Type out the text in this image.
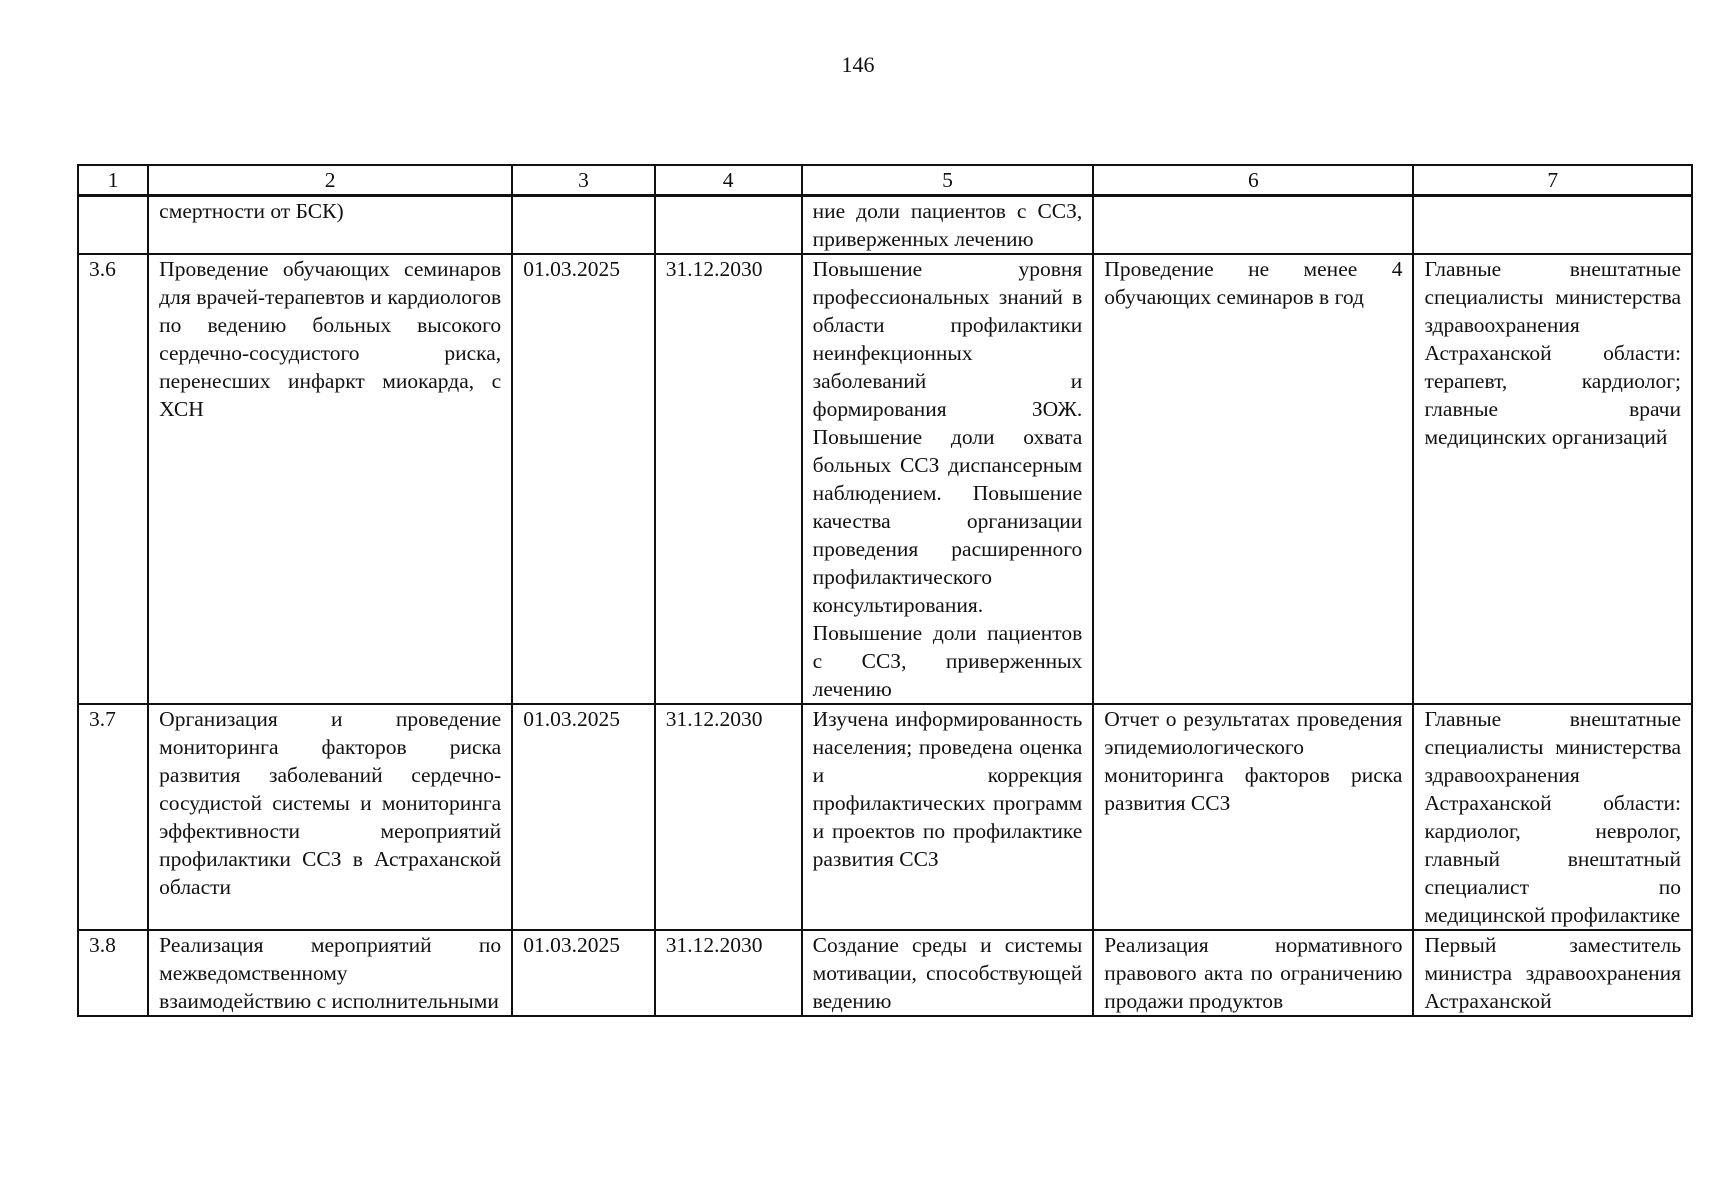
146
1	2	3	4	5	6	7
	смертности от БСК)			ние доли пациентов с ССЗ, приверженных лечению		
3.6	Проведение обучающих семинаров для врачей-терапевтов и кардиологов по ведению больных высокого сердечно-сосудистого риска, перенесших инфаркт миокарда, с ХСН	01.03.2025	31.12.2030	Повышение уровня профессиональных знаний в области профилактики неинфекционных заболеваний и формирования ЗОЖ. Повышение доли охвата больных ССЗ диспансерным наблюдением. Повышение качества организации проведения расширенного профилактического консультирования. Повышение доли пациентов с ССЗ, приверженных лечению	Проведение не менее 4 обучающих семинаров в год	Главные внештатные специалисты министерства здравоохранения Астраханской области: терапевт, кардиолог; главные врачи медицинских организаций
3.7	Организация и проведение мониторинга факторов риска развития заболеваний сердечно-сосудистой системы и мониторинга эффективности мероприятий профилактики ССЗ в Астраханской области	01.03.2025	31.12.2030	Изучена информированность населения; проведена оценка и коррекция профилактических программ и проектов по профилактике развития ССЗ	Отчет о результатах проведения эпидемиологического мониторинга факторов риска развития ССЗ	Главные внештатные специалисты министерства здравоохранения Астраханской области: кардиолог, невролог, главный внештатный специалист по медицинской профилактике
3.8	Реализация мероприятий по межведомственному взаимодействию с исполнительными	01.03.2025	31.12.2030	Создание среды и системы мотивации, способствующей ведению	Реализация нормативного правового акта по ограничению продажи продуктов	Первый заместитель министра здравоохранения Астраханской
